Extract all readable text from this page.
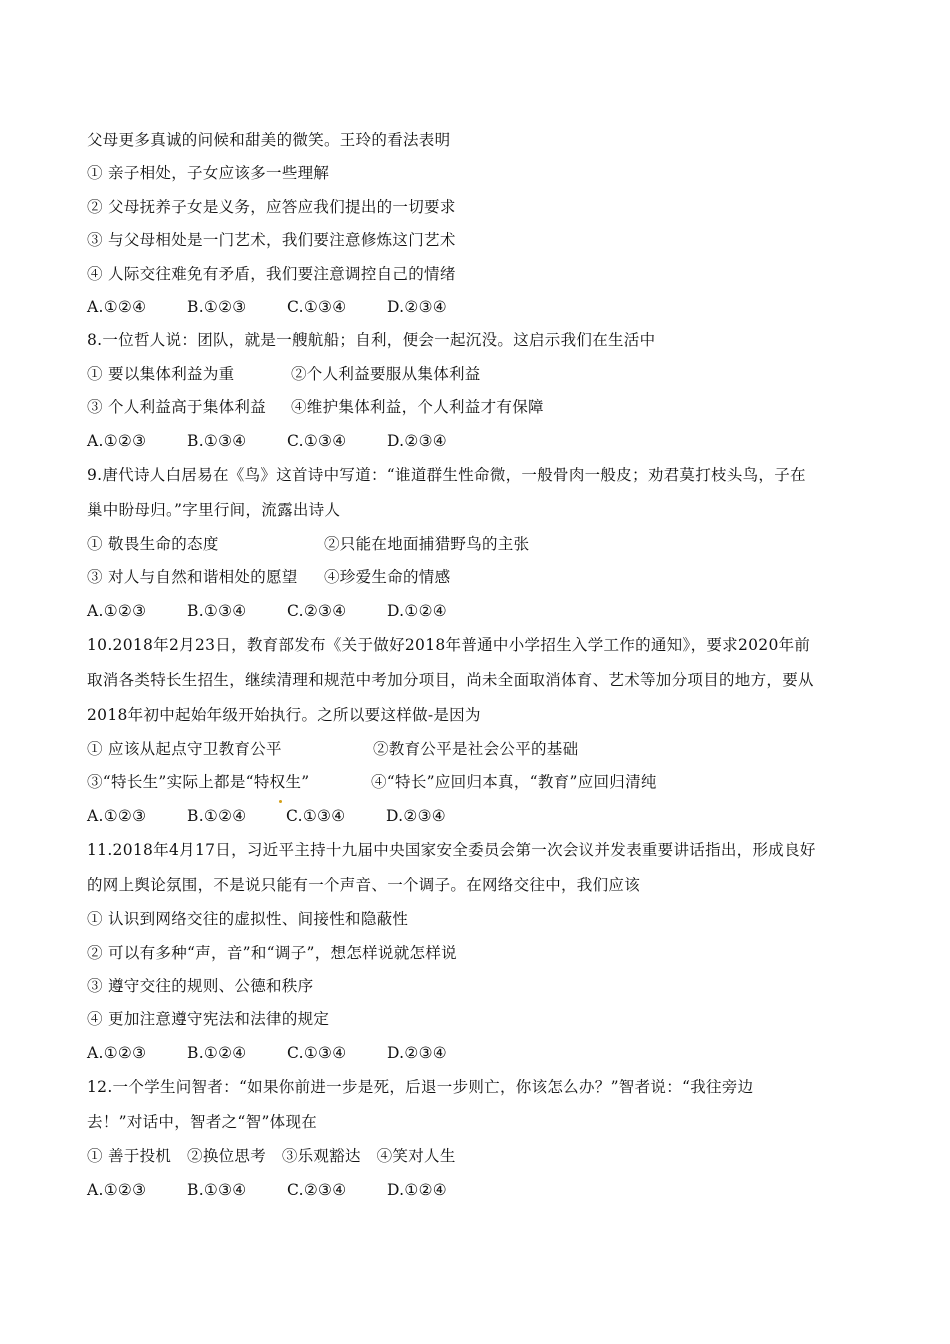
父母更多真诚的问候和甜美的微笑。王玲的看法表明
① 亲子相处，子女应该多一些理解
② 父母抚养子女是义务，应答应我们提出的一切要求
③ 与父母相处是一门艺术，我们要注意修炼这门艺术
④ 人际交往难免有矛盾，我们要注意调控自己的情绪
A.①②④	B.①②③	C.①③④	D.②③④
8.一位哲人说：团队，就是一艘航船；自利，便会一起沉没。这启示我们在生活中
① 要以集体利益为重	②个人利益要服从集体利益
③ 个人利益高于集体利益	④维护集体利益，个人利益才有保障
A.①②③	B.①③④	C.①③④	D.②③④
9.唐代诗人白居易在《鸟》这首诗中写道：“谁道群生性命微，一般骨肉一般皮；劝君莫打枝头鸟，子在
巢中盼母归。”字里行间，流露出诗人
① 敬畏生命的态度	②只能在地面捕猎野鸟的主张
③ 对人与自然和谐相处的愿望	④珍爱生命的情感
A.①②③	B.①③④	C.②③④	D.①②④
10.2018年2月23日，教育部发布《关于做好2018年普通中小学招生入学工作的通知》，要求2020年前
取消各类特长生招生，继续清理和规范中考加分项目，尚未全面取消体育、艺术等加分项目的地方，要从
2018年初中起始年级开始执行。之所以要这样做-是因为
① 应该从起点守卫教育公平	②教育公平是社会公平的基础
③“特长生”实际上都是“特权生”	④“特长”应回归本真，“教育”应回归清纯
A.①②③	B.①②④	C.①③④	D.②③④
11.2018年4月17日，习近平主持十九届中央国家安全委员会第一次会议并发表重要讲话指出，形成良好
的网上舆论氛围，不是说只能有一个声音、一个调子。在网络交往中，我们应该
① 认识到网络交往的虚拟性、间接性和隐蔽性
② 可以有多种“声，音”和“调子”，想怎样说就怎样说
③ 遵守交往的规则、公德和秩序
④ 更加注意遵守宪法和法律的规定
A.①②③	B.①②④	C.①③④	D.②③④
12.一个学生问智者：“如果你前进一步是死，后退一步则亡，你该怎么办？”智者说：“我往旁边
去！”对话中，智者之“智”体现在
① 善于投机　②换位思考　③乐观豁达　④笑对人生
A.①②③	B.①③④	C.②③④	D.①②④
